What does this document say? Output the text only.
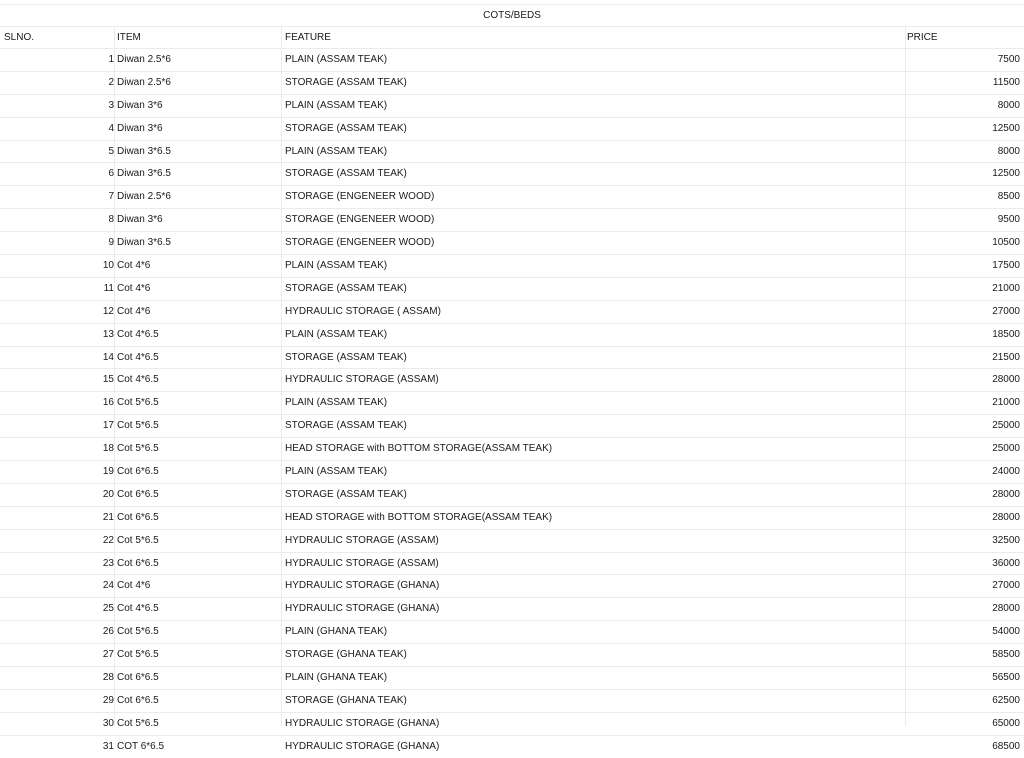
COTS/BEDS
SLNO.	ITEM	FEATURE	PRICE
1 Diwan 2.5*6	PLAIN (ASSAM TEAK)	7500
2 Diwan 2.5*6	STORAGE (ASSAM TEAK)	11500
3 Diwan 3*6	PLAIN (ASSAM TEAK)	8000
4 Diwan 3*6	STORAGE (ASSAM TEAK)	12500
5 Diwan 3*6.5	PLAIN (ASSAM TEAK)	8000
6 Diwan 3*6.5	STORAGE (ASSAM TEAK)	12500
7 Diwan 2.5*6	STORAGE (ENGENEER WOOD)	8500
8 Diwan 3*6	STORAGE (ENGENEER WOOD)	9500
9 Diwan 3*6.5	STORAGE (ENGENEER WOOD)	10500
10 Cot 4*6	PLAIN (ASSAM TEAK)	17500
11 Cot 4*6	STORAGE (ASSAM TEAK)	21000
12 Cot 4*6	HYDRAULIC STORAGE ( ASSAM)	27000
13 Cot 4*6.5	PLAIN (ASSAM TEAK)	18500
14 Cot 4*6.5	STORAGE (ASSAM TEAK)	21500
15 Cot 4*6.5	HYDRAULIC STORAGE (ASSAM)	28000
16 Cot 5*6.5	PLAIN (ASSAM TEAK)	21000
17 Cot 5*6.5	STORAGE (ASSAM TEAK)	25000
18 Cot 5*6.5	HEAD STORAGE with BOTTOM STORAGE(ASSAM TEAK)	25000
19 Cot 6*6.5	PLAIN (ASSAM TEAK)	24000
20 Cot 6*6.5	STORAGE (ASSAM TEAK)	28000
21 Cot 6*6.5	HEAD STORAGE with BOTTOM STORAGE(ASSAM TEAK)	28000
22 Cot 5*6.5	HYDRAULIC STORAGE (ASSAM)	32500
23 Cot 6*6.5	HYDRAULIC STORAGE (ASSAM)	36000
24 Cot 4*6	HYDRAULIC STORAGE (GHANA)	27000
25 Cot 4*6.5	HYDRAULIC STORAGE (GHANA)	28000
26 Cot 5*6.5	PLAIN (GHANA TEAK)	54000
27 Cot 5*6.5	STORAGE (GHANA TEAK)	58500
28 Cot 6*6.5	PLAIN (GHANA TEAK)	56500
29 Cot 6*6.5	STORAGE (GHANA TEAK)	62500
30 Cot 5*6.5	HYDRAULIC STORAGE (GHANA)	65000
31 COT 6*6.5	HYDRAULIC STORAGE (GHANA)	68500
